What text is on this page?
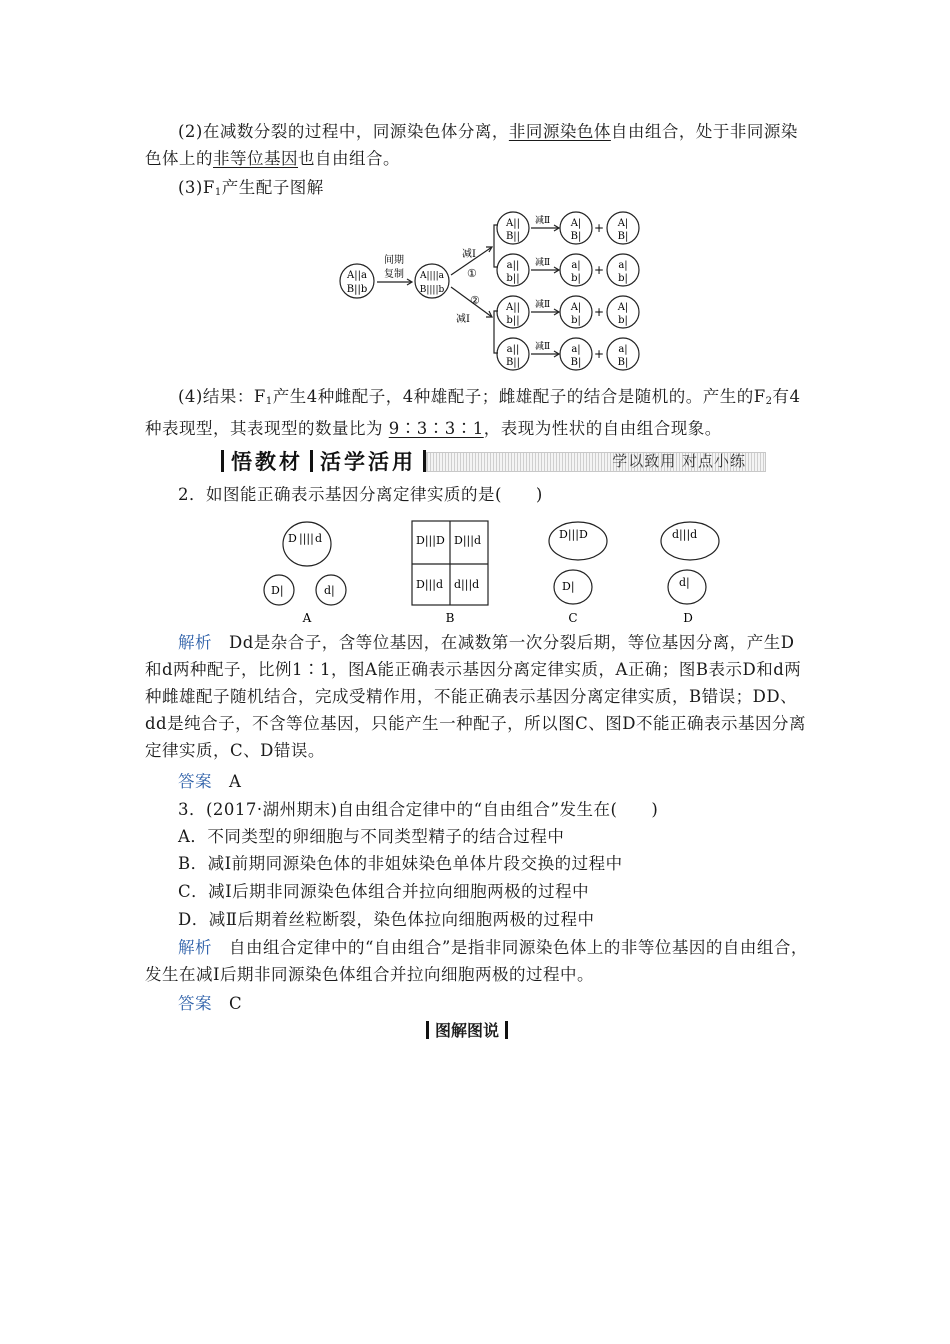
(2)在减数分裂的过程中，同源染色体分离，非同源染色体自由组合，处于非同源染色体上的非等位基因也自由组合。
$(3)F_1$产生配子图解
A||a
B||b
间期
复制 A||||a
B||||b
减Ⅰ
①
②
减Ⅰ
A||
B||
减Ⅱ A|
B|
+ A|
B|
a||
b||
减Ⅱ a|
b|
+ a|
b|
A||
b||
减Ⅱ A|
b|
+ A|
b|
a||
B||
减Ⅱ a|
B|
+ a|
B|
(4)结果：$F_1$产生4种雌配子，4种雄配子；雌雄配子的结合是随机的。产生的$F_2$有4种表现型，其表现型的数量比为 9∶3∶3∶1，表现为性状的自由组合现象。
悟教材 活学活用	学以致用 对点小练
2．如图能正确表示基因分离定律实质的是(　　)
D |||| d
D|	d|
D|||D D|||d
D|||d d|||d
D|||D
D|
d|||d
d|
A	B	C	D
解析　Dd是杂合子，含等位基因，在减数第一次分裂后期，等位基因分离，产生D和d两种配子，比例1∶1，图A能正确表示基因分离定律实质，A正确；图B表示D和d两种雌雄配子随机结合，完成受精作用，不能正确表示基因分离定律实质，B错误；DD、dd是纯合子，不含等位基因，只能产生一种配子，所以图C、图D不能正确表示基因分离定律实质，C、D错误。
答案　A
3．(2017·湖州期末)自由组合定律中的“自由组合”发生在(　　)
A．不同类型的卵细胞与不同类型精子的结合过程中
B．减Ⅰ前期同源染色体的非姐妹染色单体片段交换的过程中
C．减Ⅰ后期非同源染色体组合并拉向细胞两极的过程中
D．减Ⅱ后期着丝粒断裂，染色体拉向细胞两极的过程中
解析　自由组合定律中的“自由组合”是指非同源染色体上的非等位基因的自由组合，发生在减Ⅰ后期非同源染色体组合并拉向细胞两极的过程中。
答案　C
图解图说
